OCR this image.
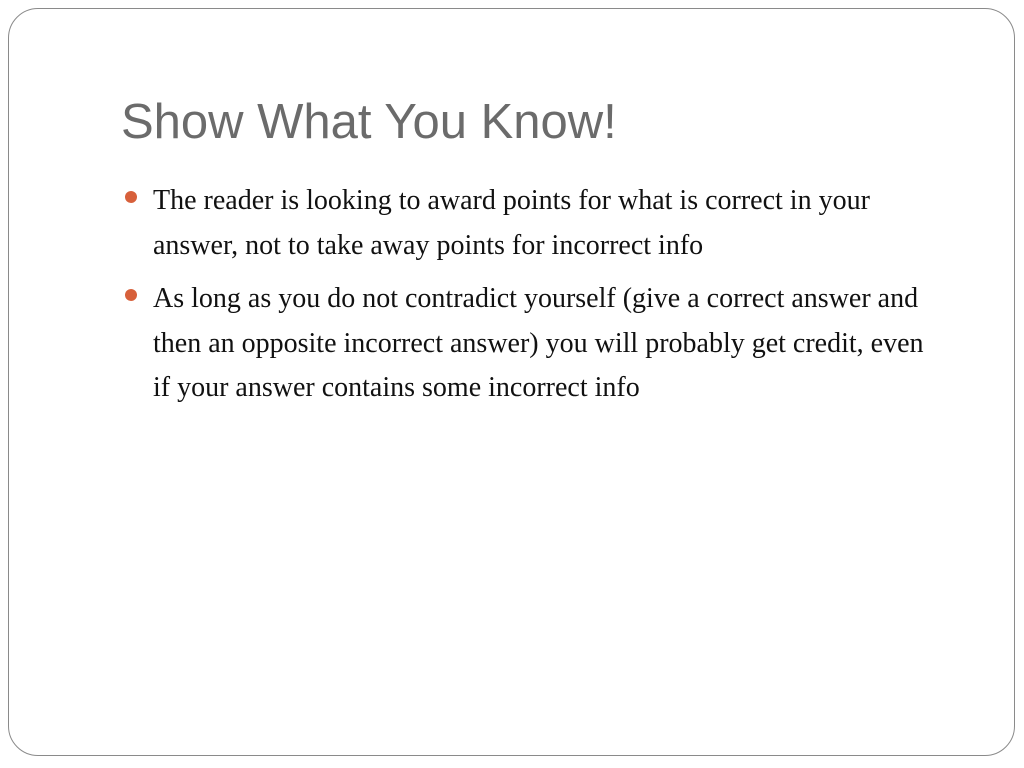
Show What You Know!
The reader is looking to award points for what is correct in your answer, not to take away points for incorrect info
As long as you do not contradict yourself (give a correct answer and then an opposite incorrect answer) you will probably get credit, even if your answer contains some incorrect info
